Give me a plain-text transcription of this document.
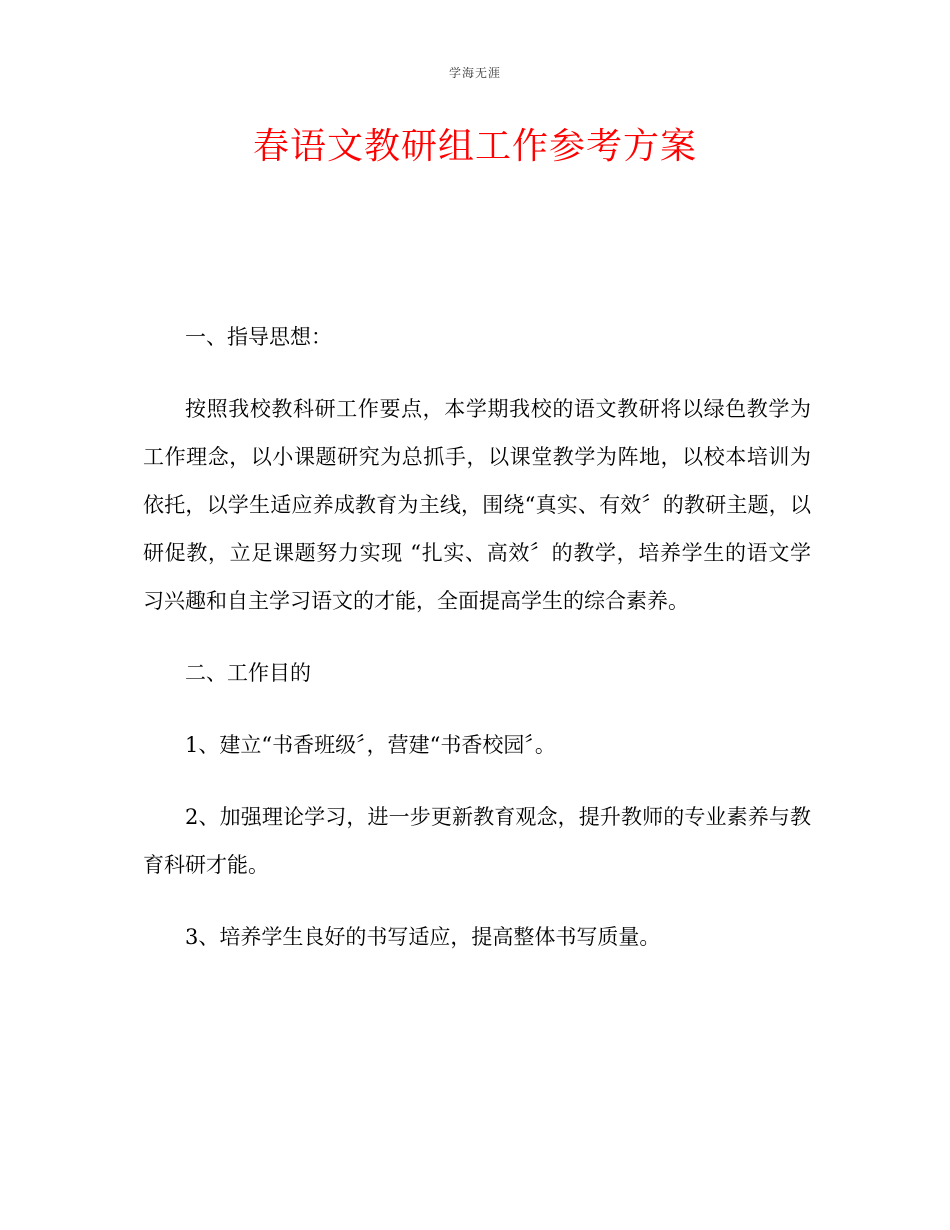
学海无涯
春语文教研组工作参考方案

一、指导思想：

按照我校教科研工作要点，本学期我校的语文教研将以绿色教学为工作理念，以小课题研究为总抓手，以课堂教学为阵地，以校本培训为依托，以学生适应养成教育为主线，围绕“真实、有效〞的教研主题，以研促教，立足课题努力实现 “扎实、高效〞的教学，培养学生的语文学习兴趣和自主学习语文的才能，全面提高学生的综合素养。

二、工作目的

1、建立“书香班级〞，营建“书香校园〞。

2、加强理论学习，进一步更新教育观念，提升教师的专业素养与教育科研才能。

3、培养学生良好的书写适应，提高整体书写质量。
